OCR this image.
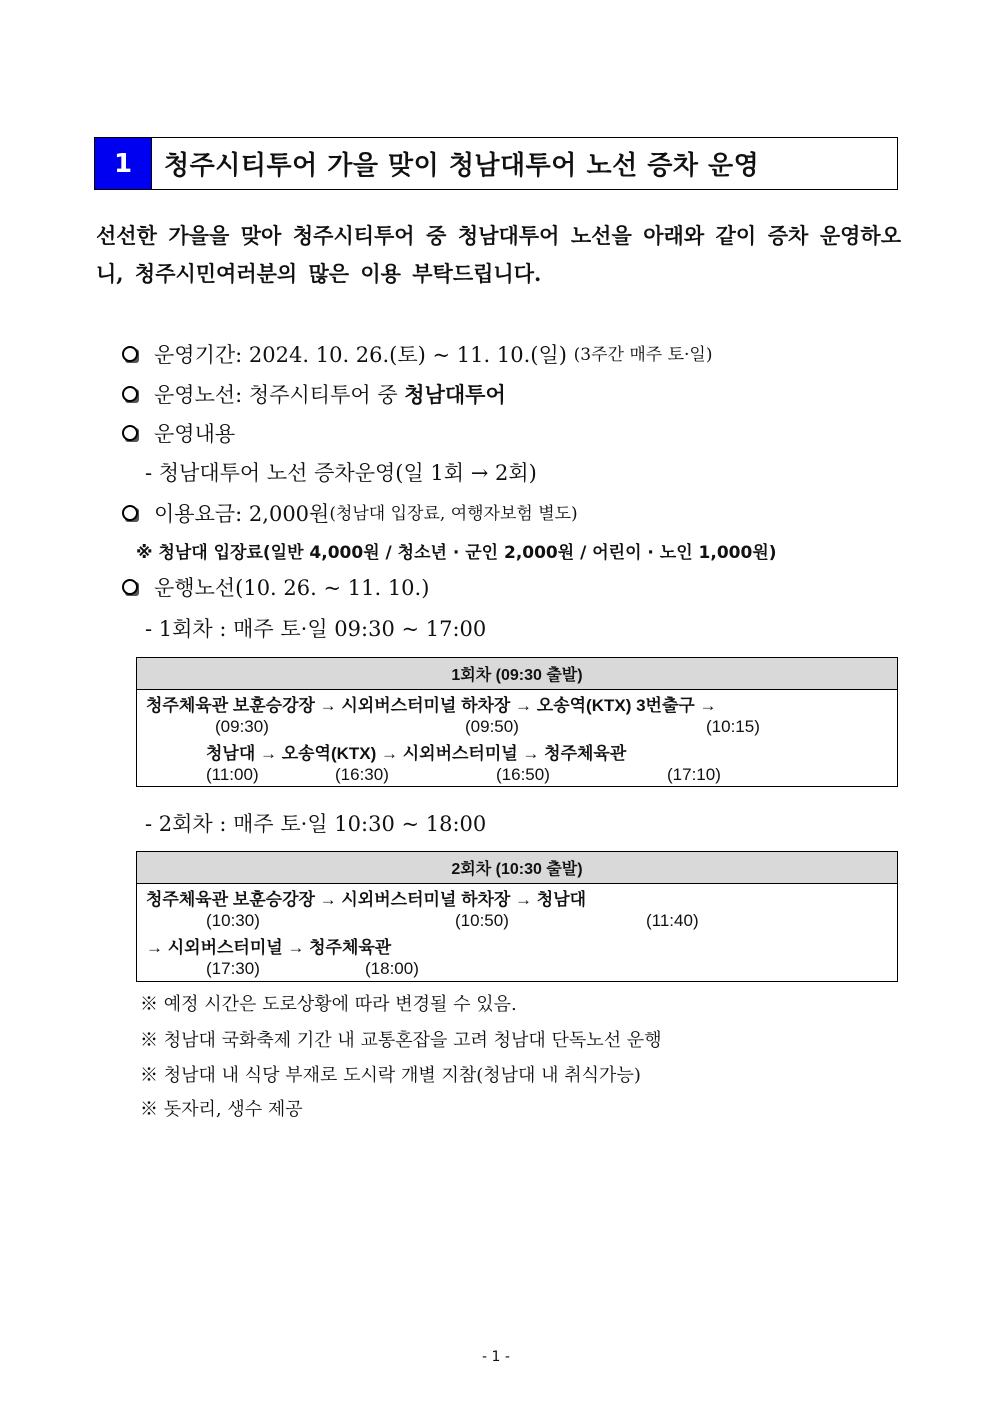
1	청주시티투어 가을 맞이 청남대투어 노선 증차 운영
선선한 가을을 맞아 청주시티투어 중 청남대투어 노선을 아래와 같이 증차 운영하오니, 청주시민여러분의 많은 이용 부탁드립니다.
운영기간:
2024. 10. 26.(토) ~ 11. 10.(일)
(3주간 매주 토·일)
운영노선:
청주시티투어 중
청남대투어
운영내용
- 청남대투어 노선 증차운영(일 1회 → 2회)
이용요금:
2,000원 (청남대 입장료, 여행자보험 별도)
※ 청남대 입장료(일반 4,000원 / 청소년 · 군인 2,000원 / 어린이 · 노인 1,000원)
운행노선(10. 26. ~ 11. 10.)
- 1회차 : 매주 토·일 09:30 ~ 17:00
1회차 (09:30 출발)
청주체육관 보훈승강장 → 시외버스터미널 하차장 → 오송역(KTX) 3번출구 →
(09:30)	(09:50)	(10:15)
청남대 → 오송역(KTX) → 시외버스터미널 → 청주체육관
(11:00)	(16:30)	(16:50)	(17:10)
- 2회차 : 매주 토·일 10:30 ~ 18:00
2회차 (10:30 출발)
청주체육관 보훈승강장 → 시외버스터미널 하차장 → 청남대
(10:30)	(10:50)	(11:40)
→ 시외버스터미널 → 청주체육관
(17:30)	(18:00)
※ 예정 시간은 도로상황에 따라 변경될 수 있음.
※ 청남대 국화축제 기간 내 교통혼잡을 고려 청남대 단독노선 운행
※ 청남대 내 식당 부재로 도시락 개별 지참(청남대 내 취식가능)
※ 돗자리, 생수 제공
- 1 -
